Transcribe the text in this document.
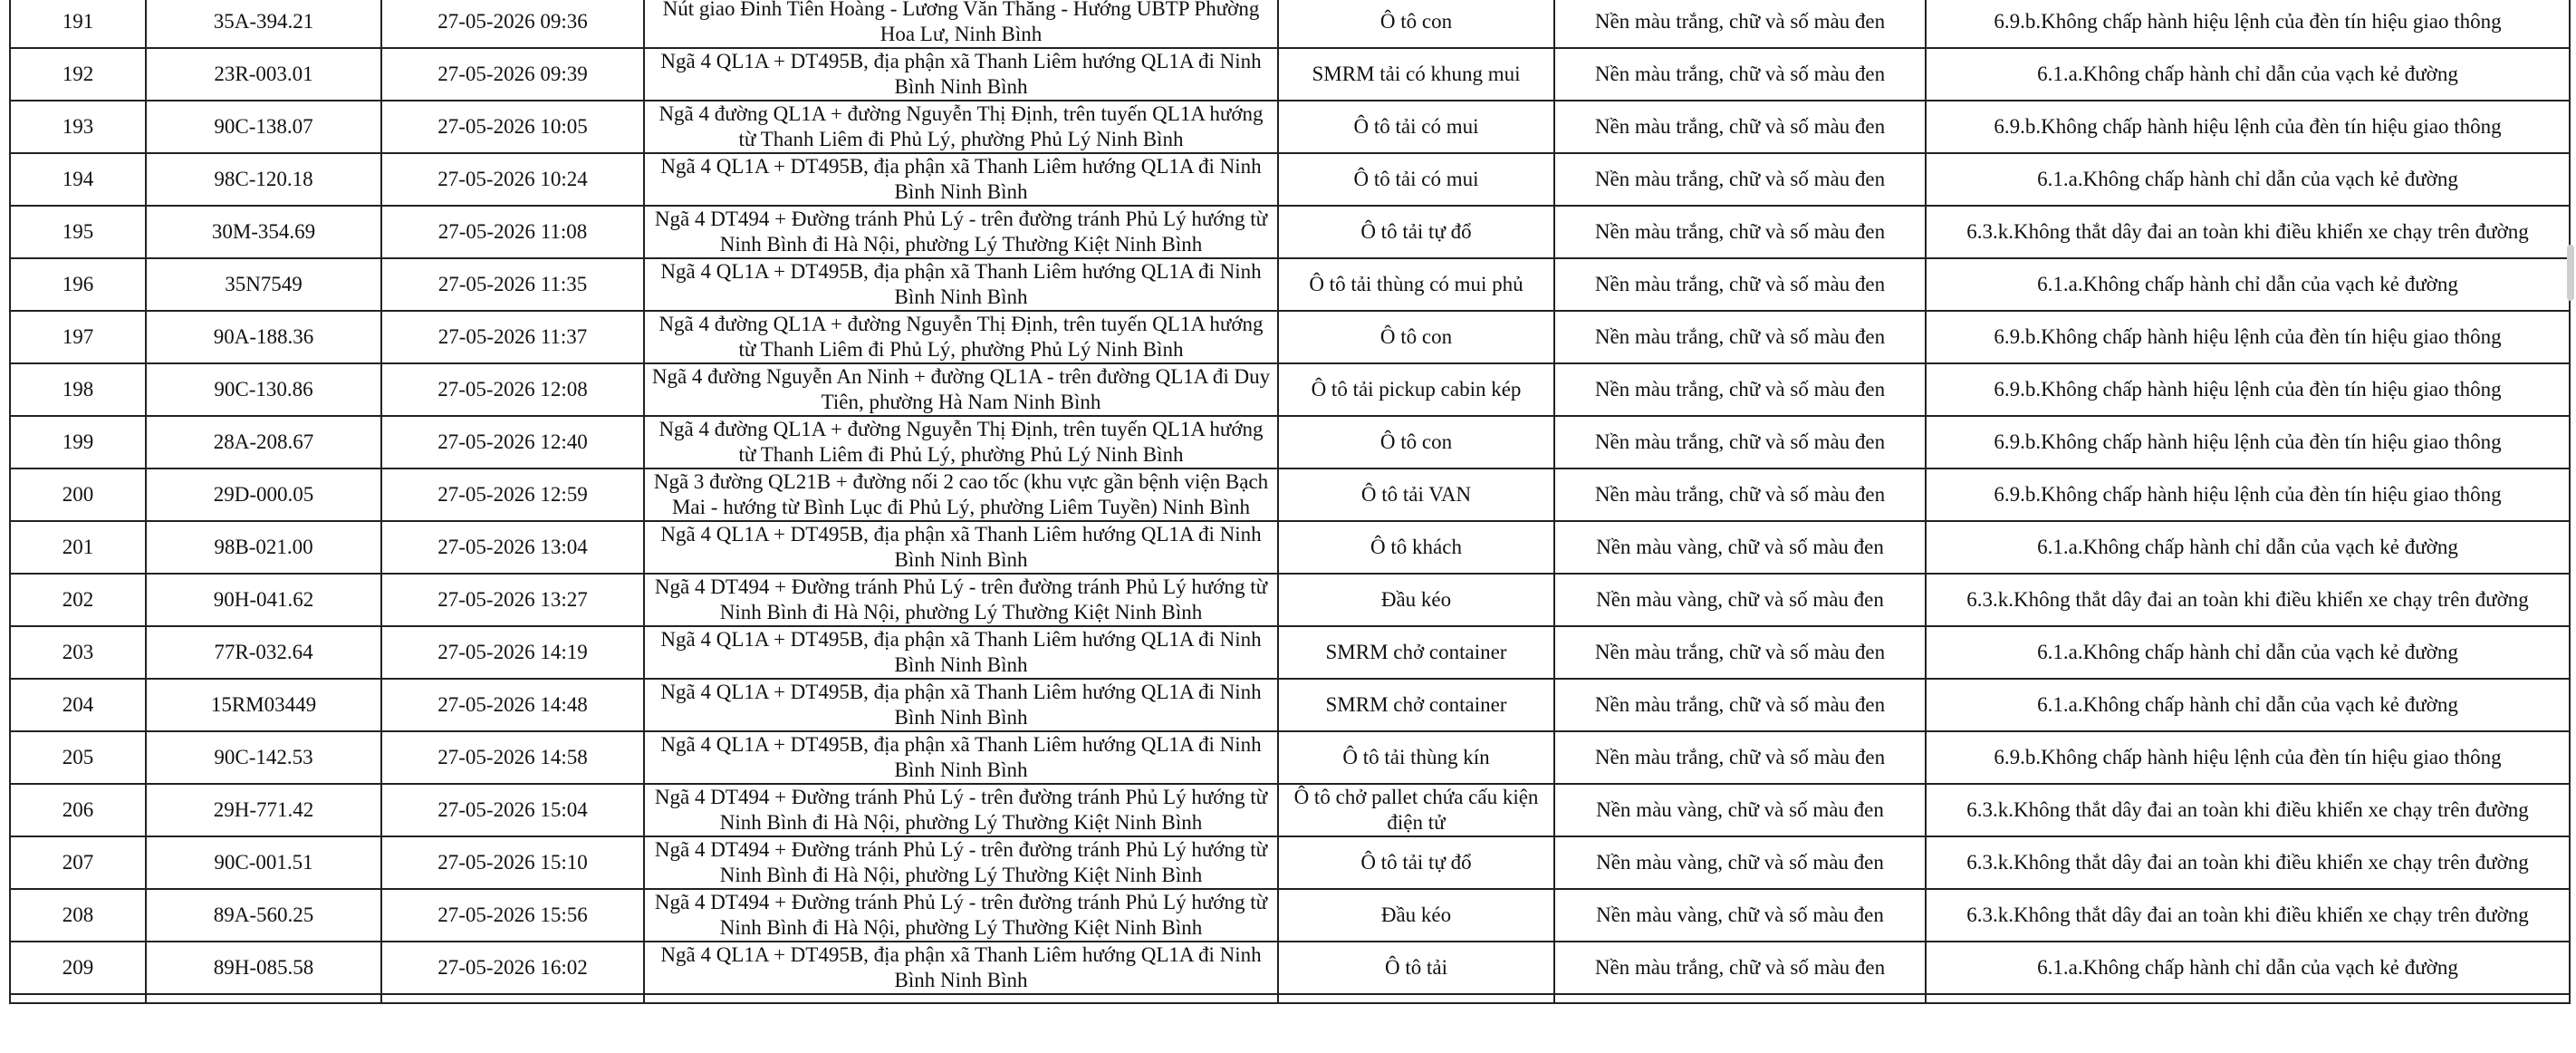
191	35A-394.21	27-05-2026 09:36	Nút giao Đinh Tiên Hoàng - Lương Văn Thăng - Hướng UBTP Phường Hoa Lư, Ninh Bình	Ô tô con	Nền màu trắng, chữ và số màu đen	6.9.b.Không chấp hành hiệu lệnh của đèn tín hiệu giao thông
192	23R-003.01	27-05-2026 09:39	Ngã 4 QL1A + DT495B, địa phận xã Thanh Liêm hướng QL1A đi Ninh Bình Ninh Bình	SMRM tải có khung mui	Nền màu trắng, chữ và số màu đen	6.1.a.Không chấp hành chỉ dẫn của vạch kẻ đường
193	90C-138.07	27-05-2026 10:05	Ngã 4 đường QL1A + đường Nguyễn Thị Định, trên tuyến QL1A hướng từ Thanh Liêm đi Phủ Lý, phường Phủ Lý Ninh Bình	Ô tô tải có mui	Nền màu trắng, chữ và số màu đen	6.9.b.Không chấp hành hiệu lệnh của đèn tín hiệu giao thông
194	98C-120.18	27-05-2026 10:24	Ngã 4 QL1A + DT495B, địa phận xã Thanh Liêm hướng QL1A đi Ninh Bình Ninh Bình	Ô tô tải có mui	Nền màu trắng, chữ và số màu đen	6.1.a.Không chấp hành chỉ dẫn của vạch kẻ đường
195	30M-354.69	27-05-2026 11:08	Ngã 4 DT494 + Đường tránh Phủ Lý - trên đường tránh Phủ Lý hướng từ Ninh Bình đi Hà Nội, phường Lý Thường Kiệt Ninh Bình	Ô tô tải tự đổ	Nền màu trắng, chữ và số màu đen	6.3.k.Không thắt dây đai an toàn khi điều khiển xe chạy trên đường
196	35N7549	27-05-2026 11:35	Ngã 4 QL1A + DT495B, địa phận xã Thanh Liêm hướng QL1A đi Ninh Bình Ninh Bình	Ô tô tải thùng có mui phủ	Nền màu trắng, chữ và số màu đen	6.1.a.Không chấp hành chỉ dẫn của vạch kẻ đường
197	90A-188.36	27-05-2026 11:37	Ngã 4 đường QL1A + đường Nguyễn Thị Định, trên tuyến QL1A hướng từ Thanh Liêm đi Phủ Lý, phường Phủ Lý Ninh Bình	Ô tô con	Nền màu trắng, chữ và số màu đen	6.9.b.Không chấp hành hiệu lệnh của đèn tín hiệu giao thông
198	90C-130.86	27-05-2026 12:08	Ngã 4 đường Nguyễn An Ninh + đường QL1A - trên đường QL1A đi Duy Tiên, phường Hà Nam Ninh Bình	Ô tô tải pickup cabin kép	Nền màu trắng, chữ và số màu đen	6.9.b.Không chấp hành hiệu lệnh của đèn tín hiệu giao thông
199	28A-208.67	27-05-2026 12:40	Ngã 4 đường QL1A + đường Nguyễn Thị Định, trên tuyến QL1A hướng từ Thanh Liêm đi Phủ Lý, phường Phủ Lý Ninh Bình	Ô tô con	Nền màu trắng, chữ và số màu đen	6.9.b.Không chấp hành hiệu lệnh của đèn tín hiệu giao thông
200	29D-000.05	27-05-2026 12:59	Ngã 3 đường QL21B + đường nối 2 cao tốc (khu vực gần bệnh viện Bạch Mai - hướng từ Bình Lục đi Phủ Lý, phường Liêm Tuyền) Ninh Bình	Ô tô tải VAN	Nền màu trắng, chữ và số màu đen	6.9.b.Không chấp hành hiệu lệnh của đèn tín hiệu giao thông
201	98B-021.00	27-05-2026 13:04	Ngã 4 QL1A + DT495B, địa phận xã Thanh Liêm hướng QL1A đi Ninh Bình Ninh Bình	Ô tô khách	Nền màu vàng, chữ và số màu đen	6.1.a.Không chấp hành chỉ dẫn của vạch kẻ đường
202	90H-041.62	27-05-2026 13:27	Ngã 4 DT494 + Đường tránh Phủ Lý - trên đường tránh Phủ Lý hướng từ Ninh Bình đi Hà Nội, phường Lý Thường Kiệt Ninh Bình	Đầu kéo	Nền màu vàng, chữ và số màu đen	6.3.k.Không thắt dây đai an toàn khi điều khiển xe chạy trên đường
203	77R-032.64	27-05-2026 14:19	Ngã 4 QL1A + DT495B, địa phận xã Thanh Liêm hướng QL1A đi Ninh Bình Ninh Bình	SMRM chở container	Nền màu trắng, chữ và số màu đen	6.1.a.Không chấp hành chỉ dẫn của vạch kẻ đường
204	15RM03449	27-05-2026 14:48	Ngã 4 QL1A + DT495B, địa phận xã Thanh Liêm hướng QL1A đi Ninh Bình Ninh Bình	SMRM chở container	Nền màu trắng, chữ và số màu đen	6.1.a.Không chấp hành chỉ dẫn của vạch kẻ đường
205	90C-142.53	27-05-2026 14:58	Ngã 4 QL1A + DT495B, địa phận xã Thanh Liêm hướng QL1A đi Ninh Bình Ninh Bình	Ô tô tải thùng kín	Nền màu trắng, chữ và số màu đen	6.9.b.Không chấp hành hiệu lệnh của đèn tín hiệu giao thông
206	29H-771.42	27-05-2026 15:04	Ngã 4 DT494 + Đường tránh Phủ Lý - trên đường tránh Phủ Lý hướng từ Ninh Bình đi Hà Nội, phường Lý Thường Kiệt Ninh Bình	Ô tô chở pallet chứa cấu kiện điện tử	Nền màu vàng, chữ và số màu đen	6.3.k.Không thắt dây đai an toàn khi điều khiển xe chạy trên đường
207	90C-001.51	27-05-2026 15:10	Ngã 4 DT494 + Đường tránh Phủ Lý - trên đường tránh Phủ Lý hướng từ Ninh Bình đi Hà Nội, phường Lý Thường Kiệt Ninh Bình	Ô tô tải tự đổ	Nền màu vàng, chữ và số màu đen	6.3.k.Không thắt dây đai an toàn khi điều khiển xe chạy trên đường
208	89A-560.25	27-05-2026 15:56	Ngã 4 DT494 + Đường tránh Phủ Lý - trên đường tránh Phủ Lý hướng từ Ninh Bình đi Hà Nội, phường Lý Thường Kiệt Ninh Bình	Đầu kéo	Nền màu vàng, chữ và số màu đen	6.3.k.Không thắt dây đai an toàn khi điều khiển xe chạy trên đường
209	89H-085.58	27-05-2026 16:02	Ngã 4 QL1A + DT495B, địa phận xã Thanh Liêm hướng QL1A đi Ninh Bình Ninh Bình	Ô tô tải	Nền màu trắng, chữ và số màu đen	6.1.a.Không chấp hành chỉ dẫn của vạch kẻ đường
